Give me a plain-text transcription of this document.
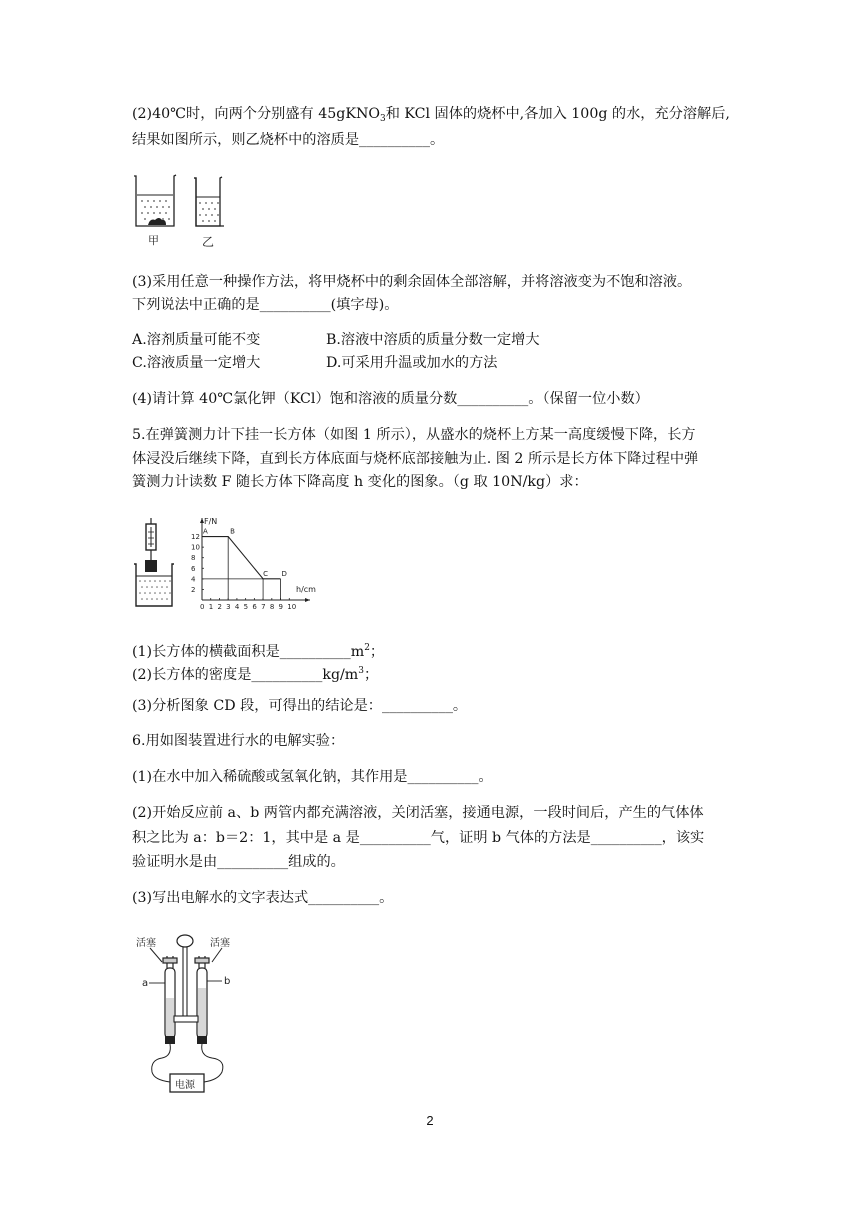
(2)40℃时，向两个分别盛有 45gKNO$_3$和 KCl 固体的烧杯中,各加入 100g 的水，充分溶解后,
结果如图所示，则乙烧杯中的溶质是__________。
甲	乙
(3)采用任意一种操作方法，将甲烧杯中的剩余固体全部溶解，并将溶液变为不饱和溶液。
下列说法中正确的是__________(填字母)。
A.溶剂质量可能不变	B.溶液中溶质的质量分数一定增大
C.溶液质量一定增大	D.可采用升温或加水的方法
(4)请计算 40℃氯化钾（KCl）饱和溶液的质量分数__________。（保留一位小数）
5.在弹簧测力计下挂一长方体（如图 1 所示），从盛水的烧杯上方某一高度缓慢下降，长方
体浸没后继续下降，直到长方体底面与烧杯底部接触为止. 图 2 所示是长方体下降过程中弹
簧测力计读数 F 随长方体下降高度 h 变化的图象。（g 取 10N/kg）求：
0 1 2 3 4 5 6 7 8 9 10
2
4
6
8
10
12
A	B
C D
F/N
h/cm
(1)长方体的横截面积是$\_\_\_\_\_\_\_\_\_\_m^2$；
(2)长方体的密度是$\_\_\_\_\_\_\_\_\_\_kg/m^3$；
(3)分析图象 CD 段，可得出的结论是：__________。
6.用如图装置进行水的电解实验：
(1)在水中加入稀硫酸或氢氧化钠，其作用是__________。
(2)开始反应前 a、b 两管内都充满溶液，关闭活塞，接通电源，一段时间后，产生的气体体
积之比为 a：b＝2：1，其中是 a 是__________气，证明 b 气体的方法是__________，该实
验证明水是由__________组成的。
(3)写出电解水的文字表达式__________。
活塞	活塞
a	b
电源
2
